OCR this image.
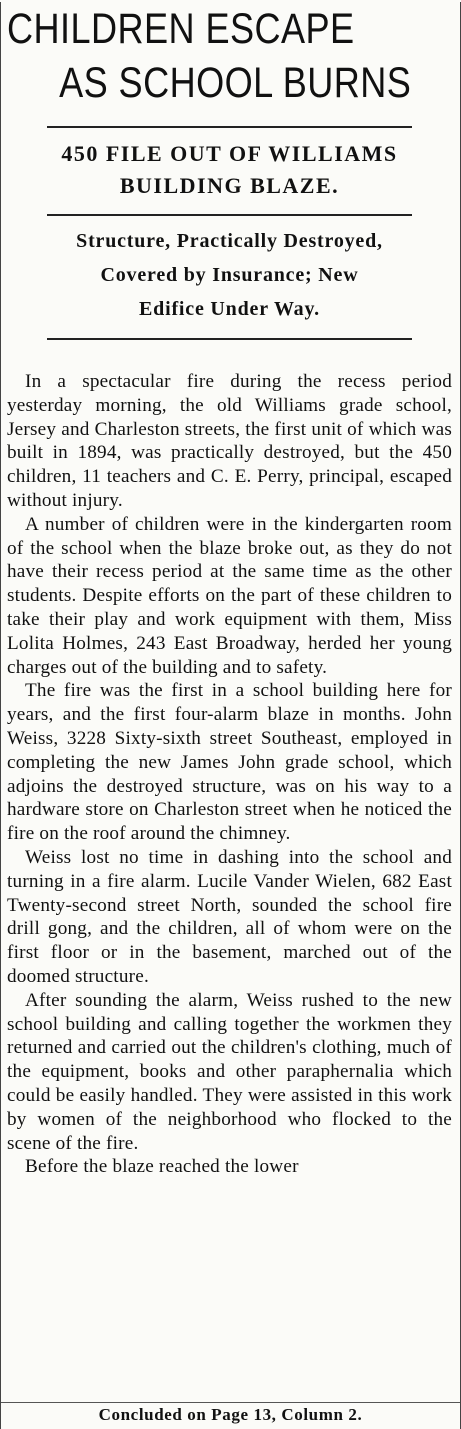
CHILDREN ESCAPE
AS SCHOOL BURNS
450 FILE OUT OF WILLIAMS
BUILDING BLAZE.
Structure, Practically Destroyed,
Covered by Insurance; New
Edifice Under Way.

In a spectacular fire during the recess period yesterday morning, the old Williams grade school, Jersey and Charleston streets, the first unit of which was built in 1894, was practically destroyed, but the 450 children, 11 teachers and C. E. Perry, principal, escaped without injury.

A number of children were in the kindergarten room of the school when the blaze broke out, as they do not have their recess period at the same time as the other students. Despite efforts on the part of these children to take their play and work equipment with them, Miss Lolita Holmes, 243 East Broadway, herded her young charges out of the building and to safety.

The fire was the first in a school building here for years, and the first four-alarm blaze in months. John Weiss, 3228 Sixty-sixth street Southeast, employed in completing the new James John grade school, which adjoins the destroyed structure, was on his way to a hardware store on Charleston street when he noticed the fire on the roof around the chimney.

Weiss lost no time in dashing into the school and turning in a fire alarm. Lucile Vander Wielen, 682 East Twenty-second street North, sounded the school fire drill gong, and the children, all of whom were on the first floor or in the basement, marched out of the doomed structure.

After sounding the alarm, Weiss rushed to the new school building and calling together the workmen they returned and carried out the children's clothing, much of the equipment, books and other paraphernalia which could be easily handled. They were assisted in this work by women of the neighborhood who flocked to the scene of the fire.

Before the blaze reached the lower

Concluded on Page 13, Column 2.
